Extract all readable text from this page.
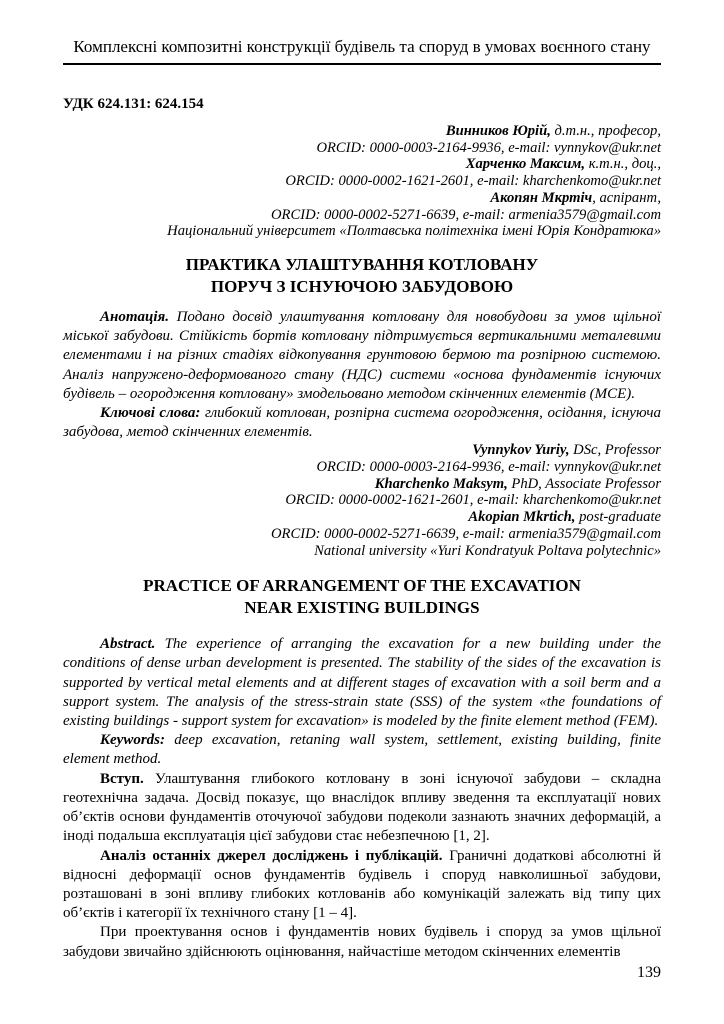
Комплексні композитні конструкції будівель та споруд в умовах воєнного стану
УДК 624.131: 624.154
Винников Юрій, д.т.н., професор,
ORCID: 0000-0003-2164-9936, e-mail: vynnykov@ukr.net
Харченко Максим, к.т.н., доц.,
ORCID: 0000-0002-1621-2601, e-mail: kharchenkomo@ukr.net
Акопян Мкртіч, аспірант,
ORCID: 0000-0002-5271-6639, e-mail: armenia3579@gmail.com
Національний університет «Полтавська політехніка імені Юрія Кондратюка»
ПРАКТИКА УЛАШТУВАННЯ КОТЛОВАНУ
ПОРУЧ З ІСНУЮЧОЮ ЗАБУДОВОЮ

Анотація. Подано досвід улаштування котловану для новобудови за умов щільної міської забудови. Стійкість бортів котловану підтримується вертикальними металевими елементами і на різних стадіях відкопування грунтовою бермою та розпірною системою. Аналіз напружено-деформованого стану (НДС) системи «основа фундаментів існуючих будівель – огородження котловану» змодельовано методом скінченних елементів (МСЕ).

Ключові слова: глибокий котлован, розпірна система огородження, осідання, існуюча забудова, метод скінченних елементів.

Vynnykov Yuriy, DSc, Professor
ORCID: 0000-0003-2164-9936, e-mail: vynnykov@ukr.net
Kharchenko Maksym, PhD, Associate Professor
ORCID: 0000-0002-1621-2601, e-mail: kharchenkomo@ukr.net
Akopian Mkrtich, post-graduate
ORCID: 0000-0002-5271-6639, e-mail: armenia3579@gmail.com
National university «Yuri Kondratyuk Poltava polytechnic»
PRACTICE OF ARRANGEMENT OF THE EXCAVATION
NEAR EXISTING BUILDINGS

Abstract. The experience of arranging the excavation for a new building under the conditions of dense urban development is presented. The stability of the sides of the excavation is supported by vertical metal elements and at different stages of excavation with a soil berm and a support system. The analysis of the stress-strain state (SSS) of the system «the foundations of existing buildings - support system for excavation» is modeled by the finite element method (FEM).

Keywords: deep excavation, retaning wall system, settlement, existing building, finite element method.

Вступ. Улаштування глибокого котловану в зоні існуючої забудови – складна геотехнічна задача. Досвід показує, що внаслідок впливу зведення та експлуатації нових об’єктів основи фундаментів оточуючої забудови подеколи зазнають значних деформацій, а іноді подальша експлуатація цієї забудови стає небезпечною [1, 2].

Аналіз останніх джерел досліджень і публікацій. Граничні додаткові абсолютні й відносні деформації основ фундаментів будівель і споруд навколишньої забудови, розташовані в зоні впливу глибоких котлованів або комунікацій залежать від типу цих об’єктів і категорії їх технічного стану [1 – 4].

При проектування основ і фундаментів нових будівель і споруд за умов щільної забудови звичайно здійснюють оцінювання, найчастіше методом скінченних елементів

139
